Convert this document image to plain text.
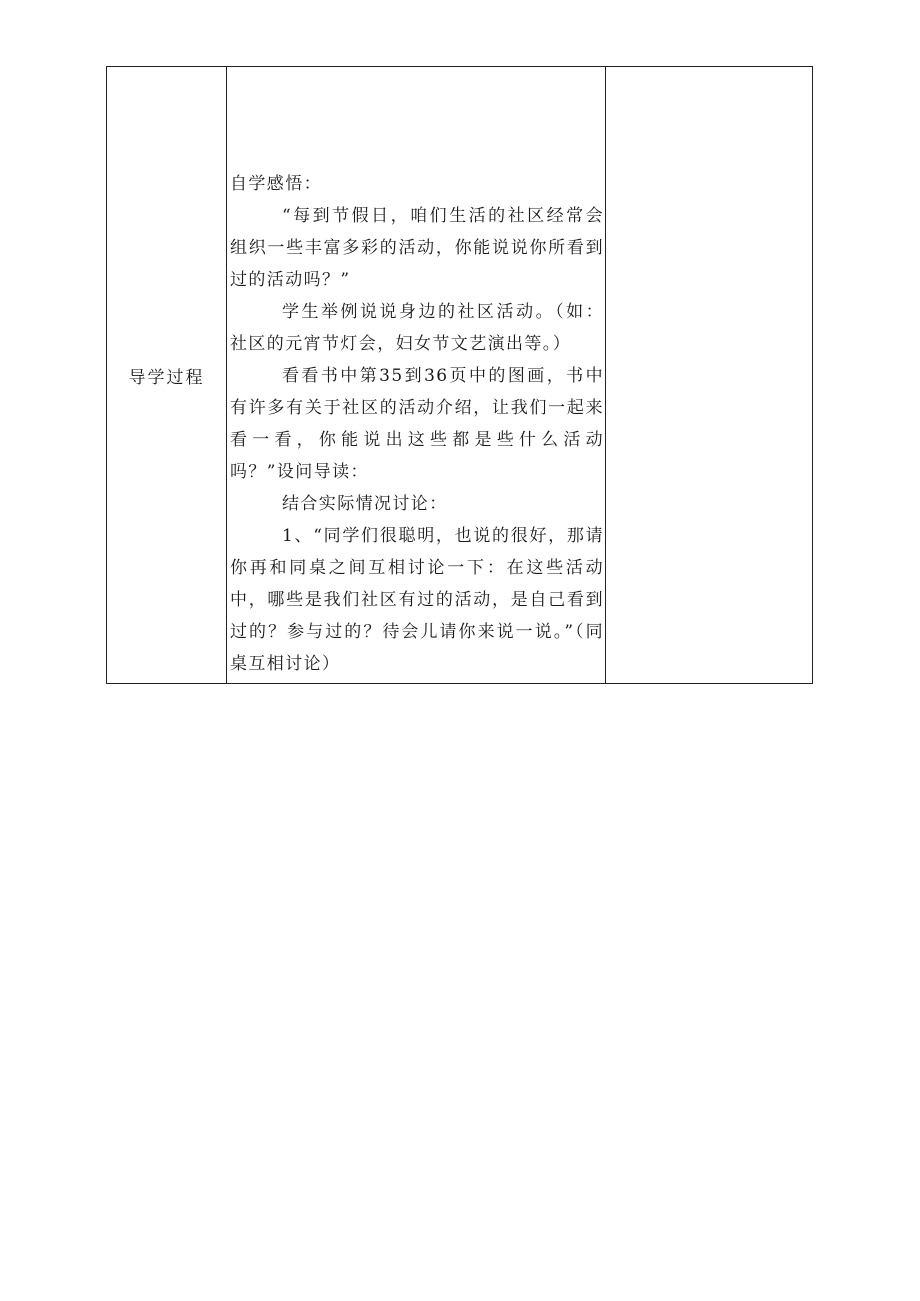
导学过程	

自学感悟：

“每到节假日，咱们生活的社区经常会组织一些丰富多彩的活动，你能说说你所看到过的活动吗？”

学生举例说说身边的社区活动。（如：社区的元宵节灯会，妇女节文艺演出等。）

看看书中第35到36页中的图画，书中有许多有关于社区的活动介绍，让我们一起来看一看，你能说出这些都是些什么活动吗？”设问导读：

结合实际情况讨论：

1、“同学们很聪明，也说的很好，那请你再和同桌之间互相讨论一下：在这些活动中，哪些是我们社区有过的活动，是自己看到过的？参与过的？待会儿请你来说一说。”（同桌互相讨论）
